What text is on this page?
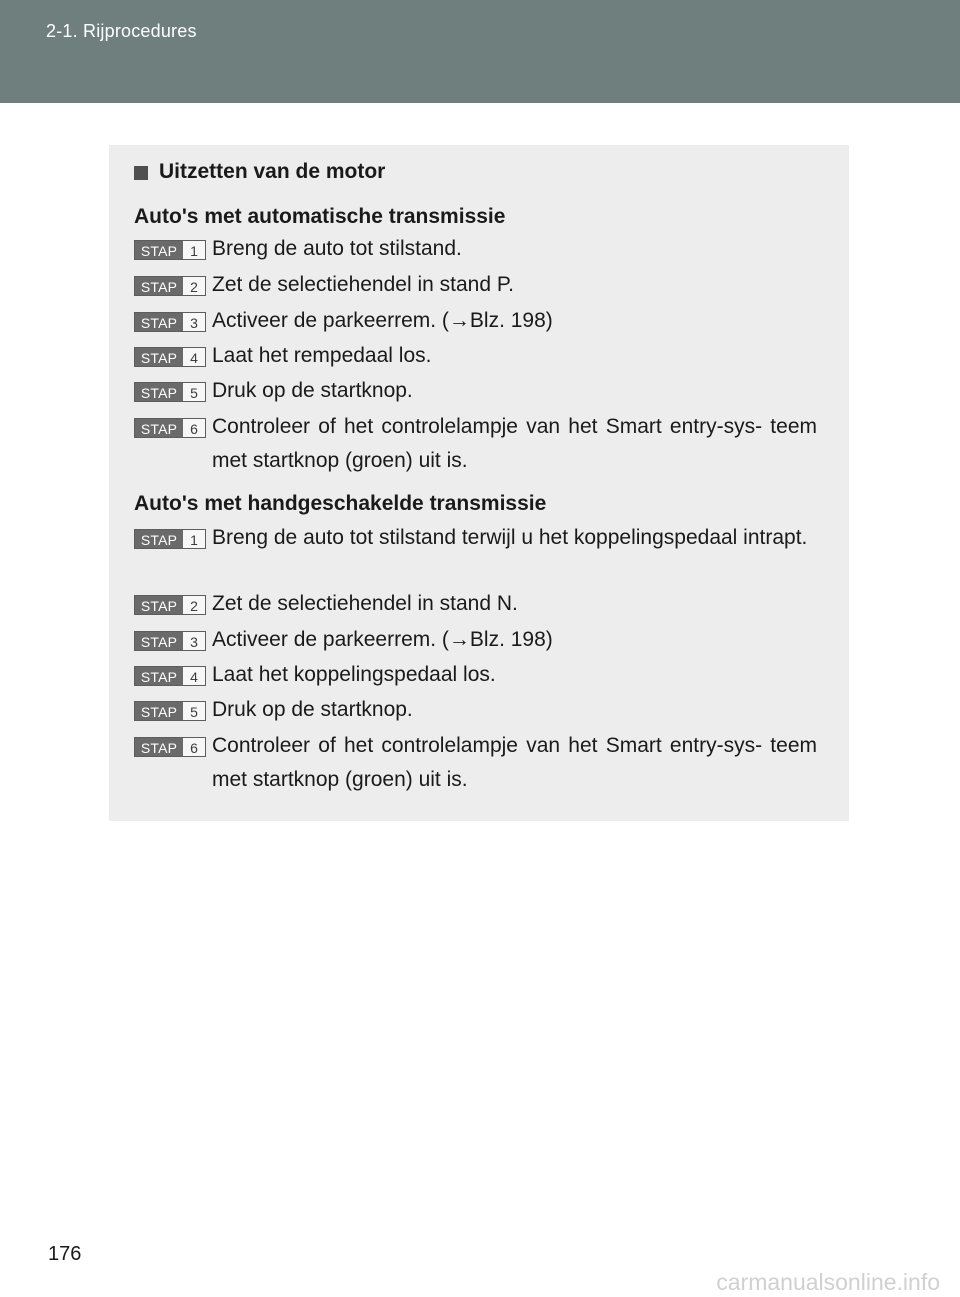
2-1. Rijprocedures
Uitzetten van de motor
Auto's met automatische transmissie
STAP 1 Breng de auto tot stilstand.
STAP 2 Zet de selectiehendel in stand P.
STAP 3 Activeer de parkeerrem. (→Blz. 198)
STAP 4 Laat het rempedaal los.
STAP 5 Druk op de startknop.
STAP 6 Controleer of het controlelampje van het Smart entry-sys- teem met startknop (groen) uit is.
Auto's met handgeschakelde transmissie
STAP 1 Breng de auto tot stilstand terwijl u het koppelingspedaal intrapt.
STAP 2 Zet de selectiehendel in stand N.
STAP 3 Activeer de parkeerrem. (→Blz. 198)
STAP 4 Laat het koppelingspedaal los.
STAP 5 Druk op de startknop.
STAP 6 Controleer of het controlelampje van het Smart entry-sys- teem met startknop (groen) uit is.
176
carmanualsonline.info
